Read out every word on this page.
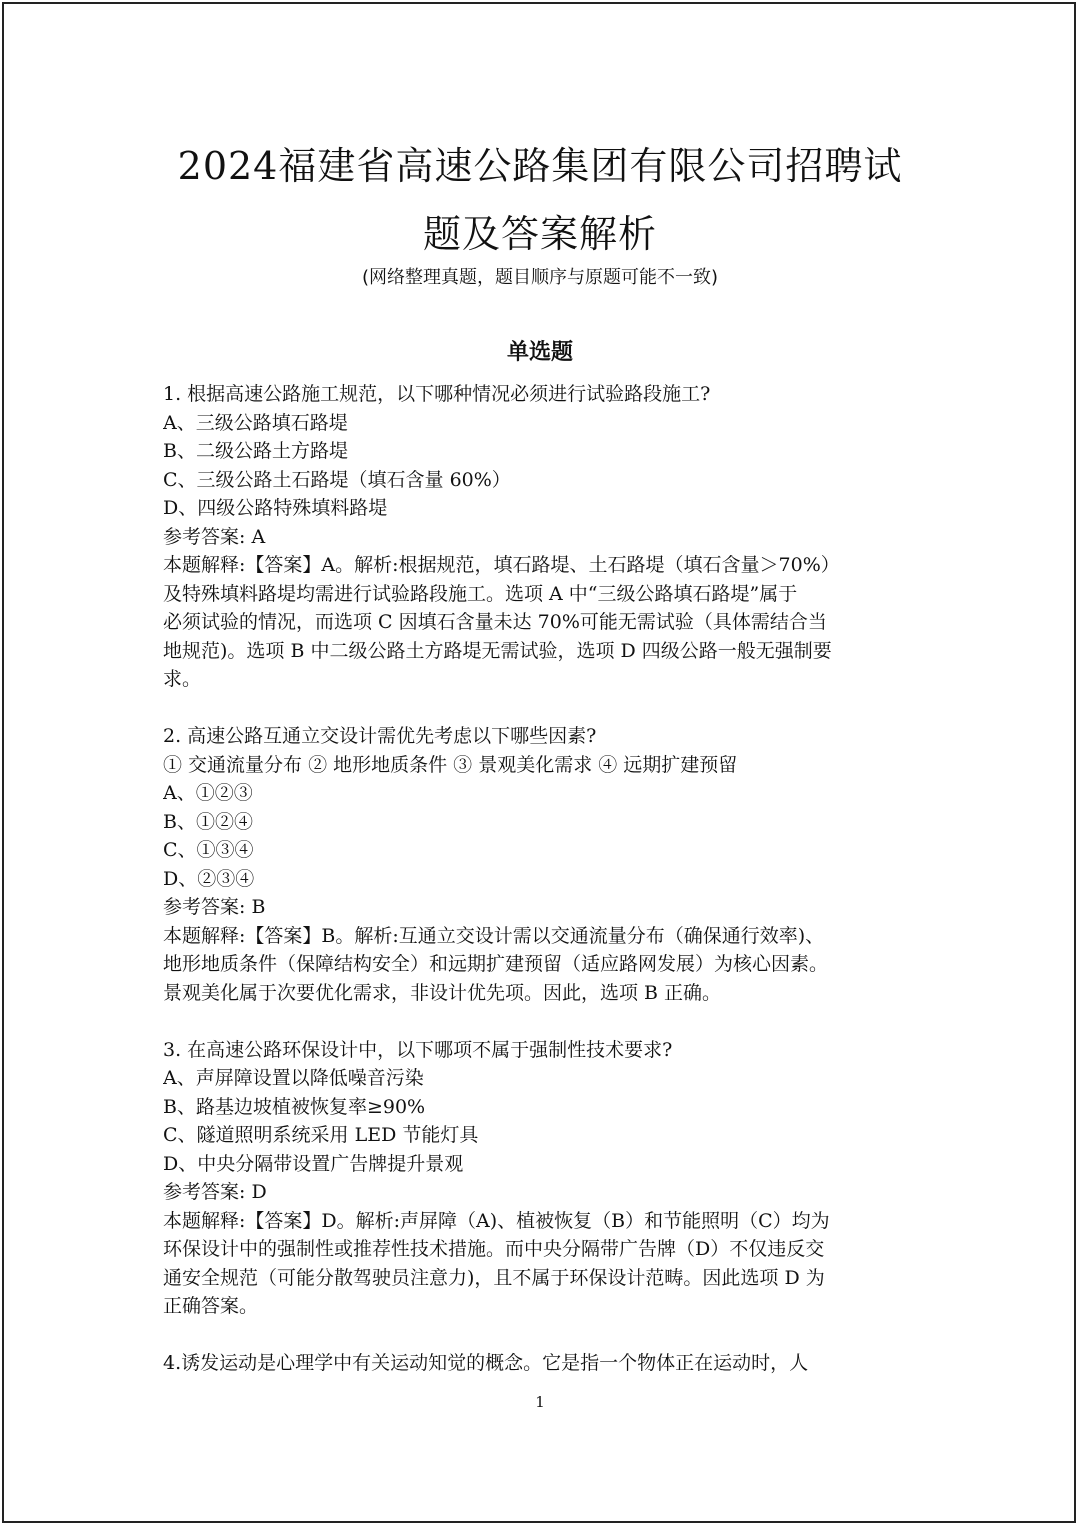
2024福建省高速公路集团有限公司招聘试
题及答案解析
(网络整理真题，题目顺序与原题可能不一致)
单选题
1. 根据高速公路施工规范，以下哪种情况必须进行试验路段施工?
A、三级公路填石路堤
B、二级公路土方路堤
C、三级公路土石路堤（填石含量 60%）
D、四级公路特殊填料路堤
参考答案: A
本题解释:【答案】A。解析:根据规范，填石路堤、土石路堤（填石含量＞70%）
及特殊填料路堤均需进行试验路段施工。选项 A 中“三级公路填石路堤”属于
必须试验的情况，而选项 C 因填石含量未达 70%可能无需试验（具体需结合当
地规范)。选项 B 中二级公路土方路堤无需试验，选项 D 四级公路一般无强制要
求。
2. 高速公路互通立交设计需优先考虑以下哪些因素?
① 交通流量分布 ② 地形地质条件 ③ 景观美化需求 ④ 远期扩建预留
A、①②③
B、①②④
C、①③④
D、②③④
参考答案: B
本题解释:【答案】B。解析:互通立交设计需以交通流量分布（确保通行效率)、
地形地质条件（保障结构安全）和远期扩建预留（适应路网发展）为核心因素。
景观美化属于次要优化需求，非设计优先项。因此，选项 B 正确。
3. 在高速公路环保设计中，以下哪项不属于强制性技术要求?
A、声屏障设置以降低噪音污染
B、路基边坡植被恢复率≥90%
C、隧道照明系统采用 LED 节能灯具
D、中央分隔带设置广告牌提升景观
参考答案: D
本题解释:【答案】D。解析:声屏障（A)、植被恢复（B）和节能照明（C）均为
环保设计中的强制性或推荐性技术措施。而中央分隔带广告牌（D）不仅违反交
通安全规范（可能分散驾驶员注意力)，且不属于环保设计范畴。因此选项 D 为
正确答案。
4.诱发运动是心理学中有关运动知觉的概念。它是指一个物体正在运动时，人
1
